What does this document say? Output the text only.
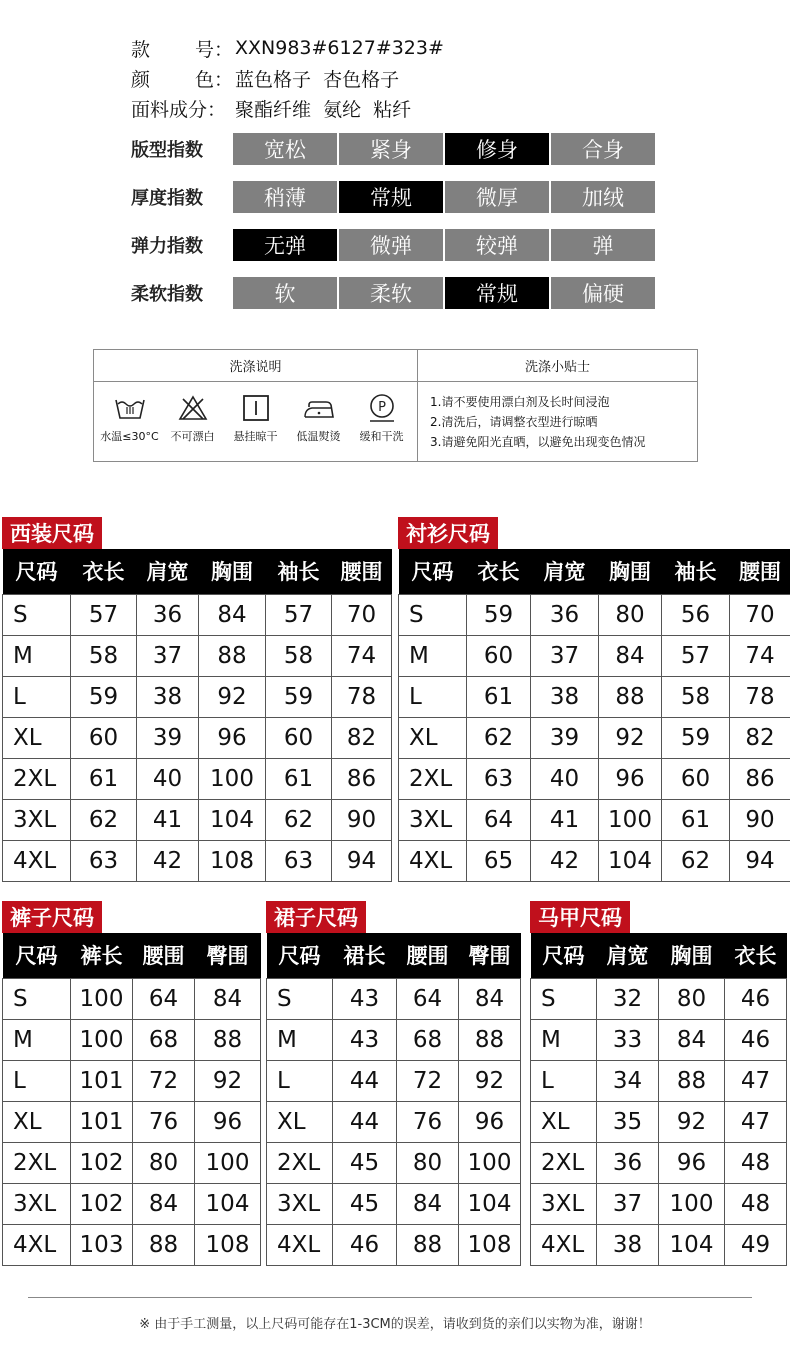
款 号： XXN983#6127#323#
颜 色： 蓝色格子  杏色格子
面料成分： 聚酯纤维  氨纶  粘纤
版型指数	宽松	紧身	修身	合身
厚度指数	稍薄	常规	微厚	加绒
弹力指数	无弹	微弹	较弹	弹
柔软指数	软	柔软	常规	偏硬
洗涤说明
水温≤30°C 不可漂白 悬挂晾干 低温熨烫
P
缓和干洗
洗涤小贴士
1.请不要使用漂白剂及长时间浸泡
2.清洗后，请调整衣型进行晾晒
3.请避免阳光直晒，以避免出现变色情况
西装尺码
尺码	衣长	肩宽	胸围	袖长	腰围
S	57	36	84	57	70
M	58	37	88	58	74
L	59	38	92	59	78
XL	60	39	96	60	82
2XL	61	40	100	61	86
3XL	62	41	104	62	90
4XL	63	42	108	63	94
衬衫尺码
尺码	衣长	肩宽	胸围	袖长	腰围
S	59	36	80	56	70
M	60	37	84	57	74
L	61	38	88	58	78
XL	62	39	92	59	82
2XL	63	40	96	60	86
3XL	64	41	100	61	90
4XL	65	42	104	62	94
裤子尺码
尺码	裤长	腰围	臀围
S	100	64	84
M	100	68	88
L	101	72	92
XL	101	76	96
2XL	102	80	100
3XL	102	84	104
4XL	103	88	108
裙子尺码
尺码	裙长	腰围	臀围
S	43	64	84
M	43	68	88
L	44	72	92
XL	44	76	96
2XL	45	80	100
3XL	45	84	104
4XL	46	88	108
马甲尺码
尺码	肩宽	胸围	衣长
S	32	80	46
M	33	84	46
L	34	88	47
XL	35	92	47
2XL	36	96	48
3XL	37	100	48
4XL	38	104	49
※ 由于手工测量，以上尺码可能存在1-3CM的误差，请收到货的亲们以实物为准，谢谢！
